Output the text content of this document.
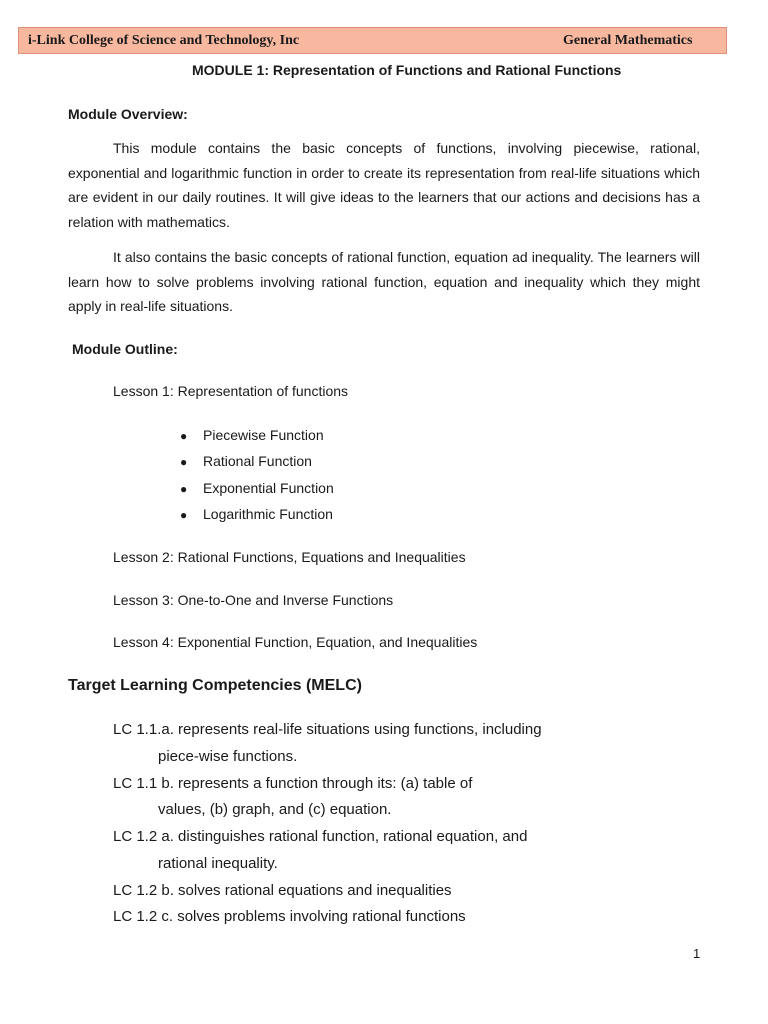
i-Link College of Science and Technology, Inc	General Mathematics
MODULE 1: Representation of Functions and Rational Functions
Module Overview:

This module contains the basic concepts of functions, involving piecewise, rational, exponential and logarithmic function in order to create its representation from real-life situations which are evident in our daily routines. It will give ideas to the learners that our actions and decisions has a relation with mathematics.

It also contains the basic concepts of rational function, equation ad inequality. The learners will learn how to solve problems involving rational function, equation and inequality which they might apply in real-life situations.

Module Outline:
Lesson 1: Representation of functions
● Piecewise Function
● Rational Function
● Exponential Function
● Logarithmic Function
Lesson 2: Rational Functions, Equations and Inequalities
Lesson 3: One-to-One and Inverse Functions
Lesson 4: Exponential Function, Equation, and Inequalities
Target Learning Competencies (MELC)
LC 1.1.a. represents real-life situations using functions, including
piece-wise functions.
LC 1.1 b. represents a function through its: (a) table of
values, (b) graph, and (c) equation.
LC 1.2 a. distinguishes rational function, rational equation, and
rational inequality.
LC 1.2 b. solves rational equations and inequalities
LC 1.2 c. solves problems involving rational functions
1
